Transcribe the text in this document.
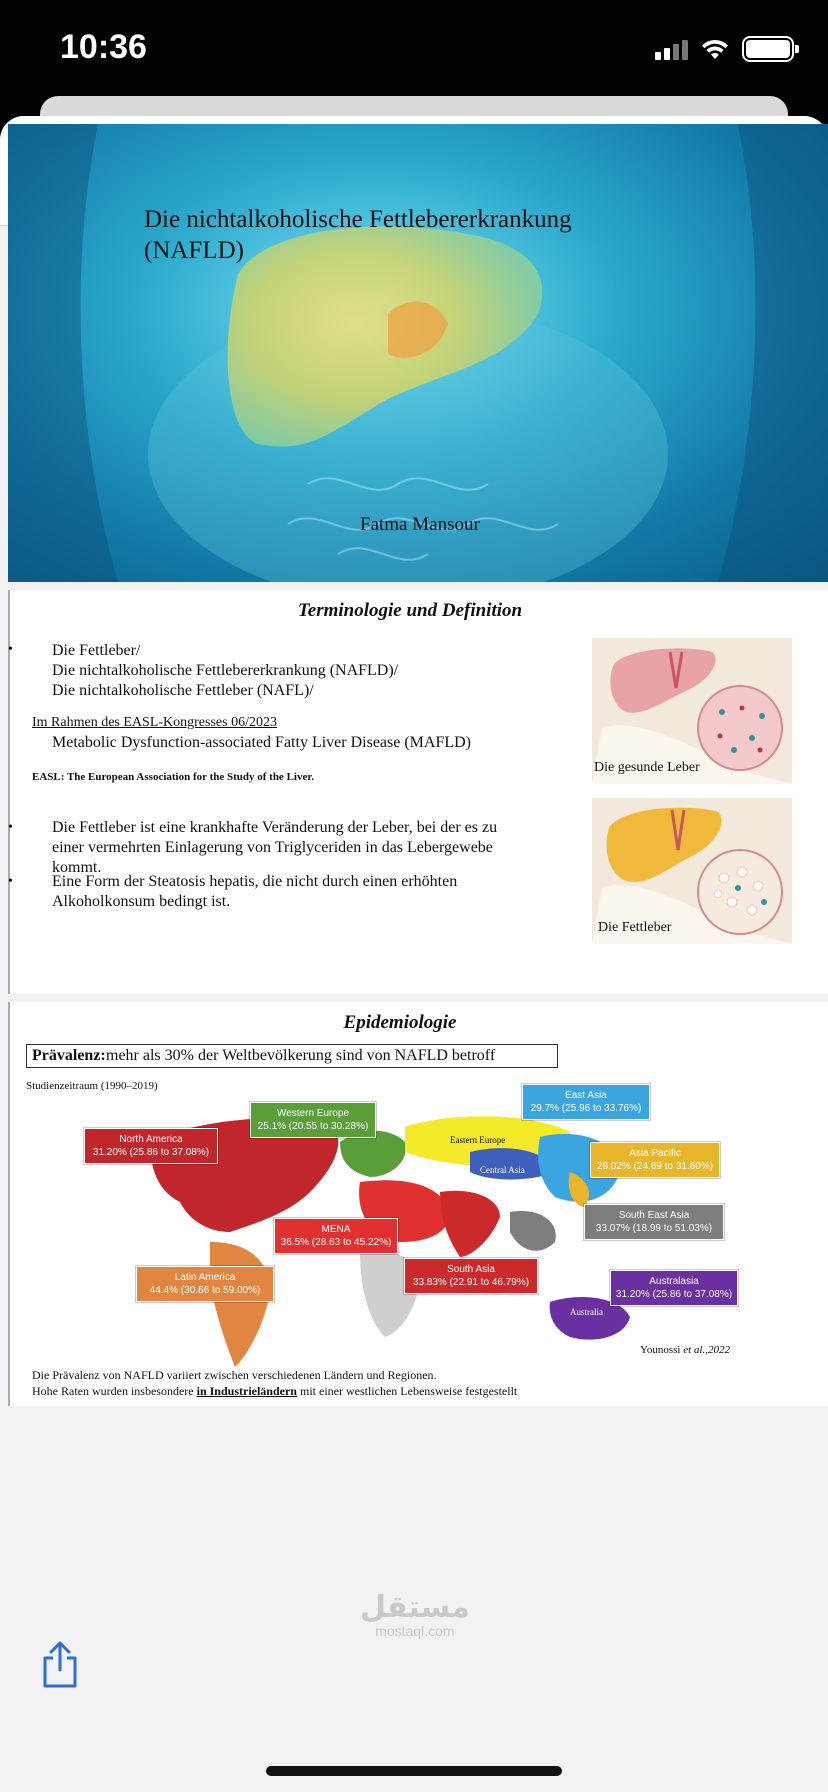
10:36
Die nichtalkoholische Fettlebererkrankung (NAFLD)
Fatma Mansour
Terminologie und Definition
• Die Fettleber/
Die nichtalkoholische Fettlebererkrankung (NAFLD)/
Die nichtalkoholische Fettleber (NAFL)/
Im Rahmen des EASL-Kongresses 06/2023
Metabolic Dysfunction-associated Fatty Liver Disease (MAFLD)
EASL: The European Association for the Study of the Liver.
• Die Fettleber ist eine krankhafte Veränderung der Leber, bei der es zu einer vermehrten Einlagerung von Triglyceriden in das Lebergewebe kommt.
• Eine Form der Steatosis hepatis, die nicht durch einen erhöhten Alkoholkonsum bedingt ist.
Die gesunde Leber
Die Fettleber
Epidemiologie
Prävalenz: mehr als 30% der Weltbevölkerung sind von NAFLD betroff
Studienzeitraum (1990–2019)
Eastern Europe
Central Asia
Australia
North America
31.20% (25.86 to 37.08%)
Western Europe
25.1% (20.55 to 30.28%)
East Asia
29.7% (25.96 to 33.76%)
Asia Pacific
28.02% (24.69 to 31.60%)
South East Asia
33.07% (18.99 to 51.03%)
MENA
36.5% (28.63 to 45.22%)
South Asia
33.83% (22.91 to 46.79%)
Latin America
44.4% (30.66 to 59.00%)
Australasia
31.20% (25.86 to 37.08%)
Younossi et al.,2022
Die Prävalenz von NAFLD variiert zwischen verschiedenen Ländern und Regionen.
Hohe Raten wurden insbesondere in Industrieländern mit einer westlichen Lebensweise festgestellt
مستقل
mostaql.com
